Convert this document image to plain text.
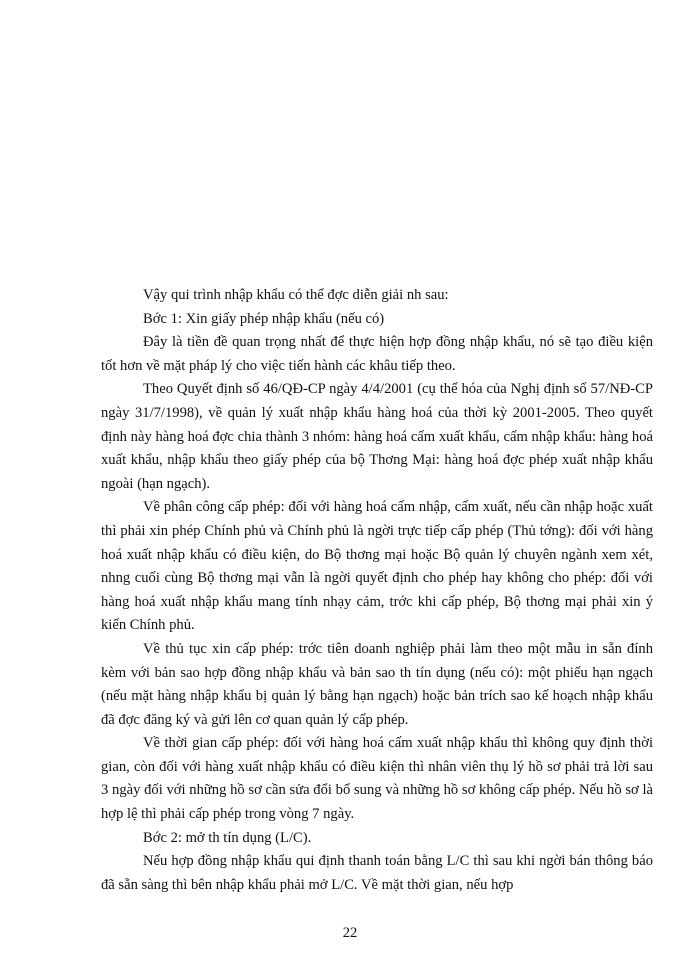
Vậy qui trình nhập khẩu có thể đợc diễn giải nh sau:

Bớc 1: Xin giấy phép nhập khẩu (nếu có)

Đây là tiền đề quan trọng nhất để thực hiện hợp đồng nhập khẩu, nó sẽ tạo điều kiện tốt hơn về mặt pháp lý cho việc tiến hành các khâu tiếp theo.

Theo Quyết định số 46/QĐ-CP ngày 4/4/2001 (cụ thể hóa của Nghị định số 57/NĐ-CP ngày 31/7/1998), về quản lý xuất nhập khẩu hàng hoá của thời kỳ 2001-2005. Theo quyết định này hàng hoá đợc chia thành 3 nhóm: hàng hoá cấm xuất khẩu, cấm nhập khẩu: hàng hoá xuất khẩu, nhập khẩu theo giấy phép của bộ Thơng Mại: hàng hoá đợc phép xuất nhập khẩu ngoài (hạn ngạch).

Về phân công cấp phép: đối với hàng hoá cấm nhập, cấm xuất, nếu cần nhập hoặc xuất thì phải xin phép Chính phủ và Chính phủ là ngời trực tiếp cấp phép (Thủ tớng): đối với hàng hoá xuất nhập khẩu có điều kiện, do Bộ thơng mại hoặc Bộ quản lý chuyên ngành xem xét, nhng cuối cùng Bộ thơng mại vẫn là ngời quyết định cho phép hay không cho phép: đối với hàng hoá xuất nhập khẩu mang tính nhạy cảm, trớc khi cấp phép, Bộ thơng mại phải xin ý kiến Chính phủ.

Về thủ tục xin cấp phép: trớc tiên doanh nghiệp phải làm theo một mẫu in sẵn đính kèm với bản sao hợp đồng nhập khẩu và bản sao th tín dụng (nếu có): một phiếu hạn ngạch (nếu mặt hàng nhập khẩu bị quản lý bằng hạn ngạch) hoặc bản trích sao kế hoạch nhập khẩu đã đợc đăng ký và gửi lên cơ quan quản lý cấp phép.

Về thời gian cấp phép: đối với hàng hoá cấm xuất nhập khẩu thì không quy định thời gian, còn đối với hàng xuất nhập khẩu có điều kiện thì nhân viên thụ lý hồ sơ phải trả lời sau 3 ngày đối với những hồ sơ cần sửa đổi bổ sung và những hồ sơ không cấp phép. Nếu hồ sơ là hợp lệ thì phải cấp phép trong vòng 7 ngày.

Bớc 2: mở th tín dụng (L/C).

Nếu hợp đồng nhập khẩu qui định thanh toán bằng L/C thì sau khi ngời bán thông báo đã sẵn sàng thì bên nhập khẩu phải mở L/C. Về mặt thời gian, nếu hợp

22
